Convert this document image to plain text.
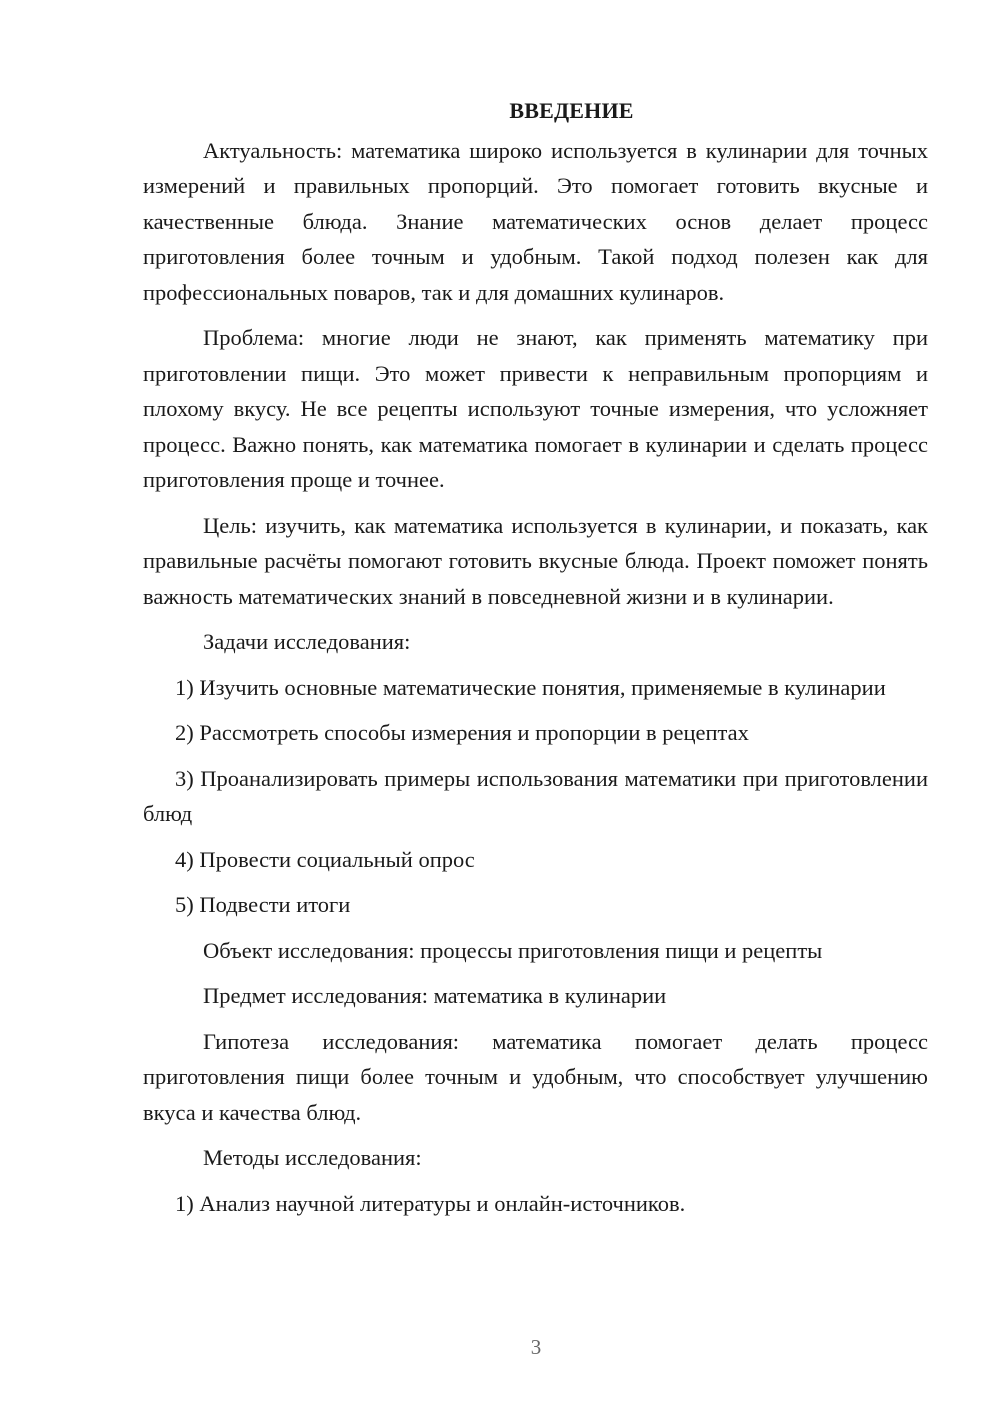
ВВЕДЕНИЕ

Актуальность: математика широко используется в кулинарии для точных измерений и правильных пропорций. Это помогает готовить вкусные и качественные блюда. Знание математических основ делает процесс приготовления более точным и удобным. Такой подход полезен как для профессиональных поваров, так и для домашних кулинаров.

Проблема: многие люди не знают, как применять математику при приготовлении пищи. Это может привести к неправильным пропорциям и плохому вкусу. Не все рецепты используют точные измерения, что усложняет процесс. Важно понять, как математика помогает в кулинарии и сделать процесс приготовления проще и точнее.

Цель: изучить, как математика используется в кулинарии, и показать, как правильные расчёты помогают готовить вкусные блюда. Проект поможет понять важность математических знаний в повседневной жизни и в кулинарии.

Задачи исследования:

1) Изучить основные математические понятия, применяемые в кулинарии

2) Рассмотреть способы измерения и пропорции в рецептах

3) Проанализировать примеры использования математики при приготовлении блюд

4) Провести социальный опрос

5) Подвести итоги

Объект исследования: процессы приготовления пищи и рецепты

Предмет исследования: математика в кулинарии

Гипотеза исследования: математика помогает делать процесс приготовления пищи более точным и удобным, что способствует улучшению вкуса и качества блюд.

Методы исследования:

1) Анализ научной литературы и онлайн-источников.

3
